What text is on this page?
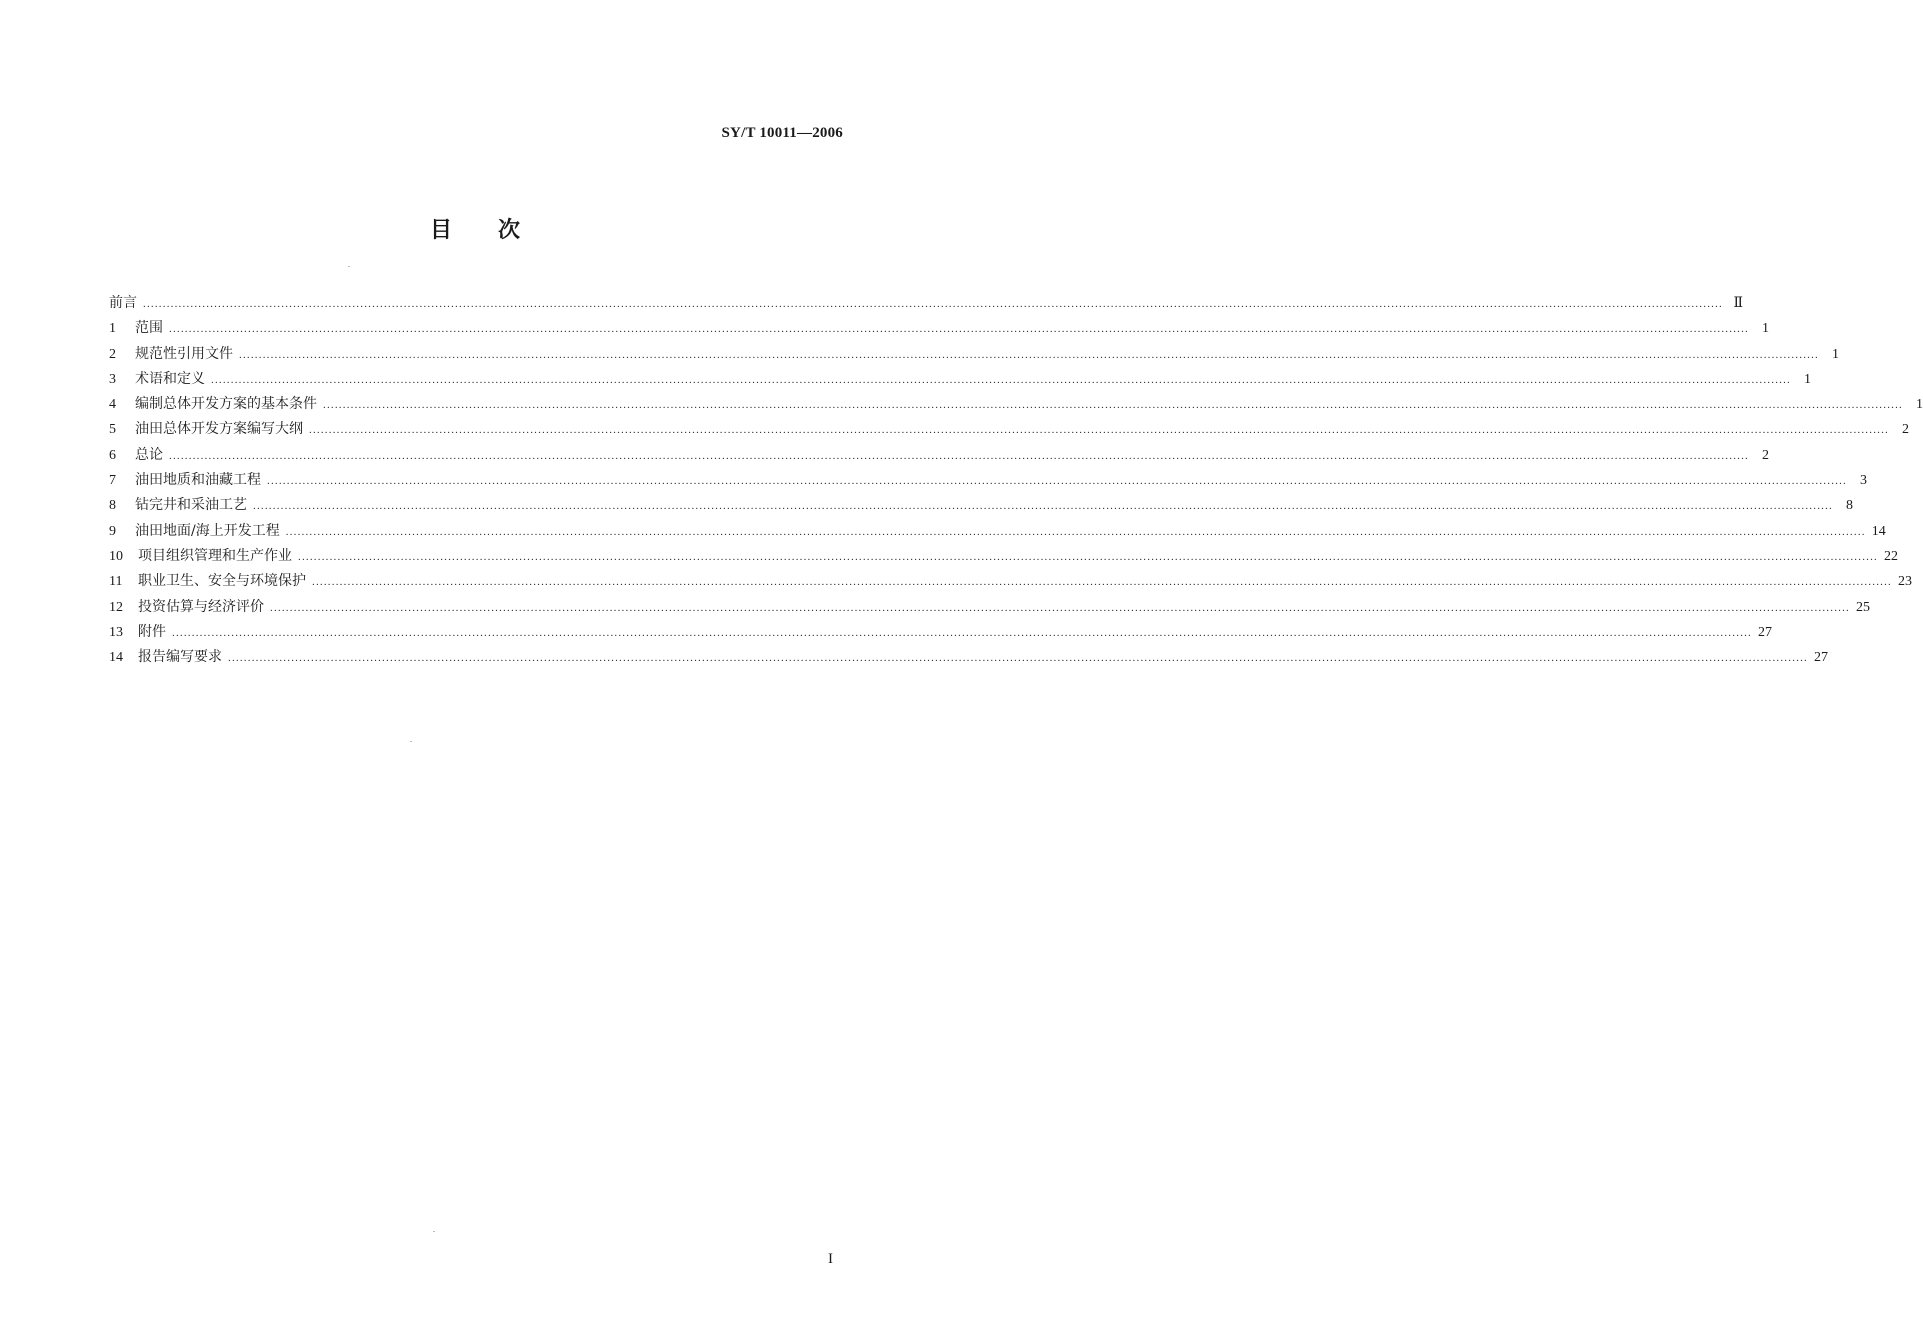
SY/T 10011—2006
目次
前言 ................................................................................................................................................................................................................................................................................................................................................................................................................ Ⅱ
1	范围 ................................................................................................................................................................................................................................................................................................................................................................................................................ 1
2	规范性引用文件 ................................................................................................................................................................................................................................................................................................................................................................................................................ 1
3	术语和定义 ................................................................................................................................................................................................................................................................................................................................................................................................................ 1
4	编制总体开发方案的基本条件 ................................................................................................................................................................................................................................................................................................................................................................................................................ 1
5	油田总体开发方案编写大纲 ................................................................................................................................................................................................................................................................................................................................................................................................................ 2
6	总论 ................................................................................................................................................................................................................................................................................................................................................................................................................ 2
7	油田地质和油藏工程 ................................................................................................................................................................................................................................................................................................................................................................................................................ 3
8	钻完井和采油工艺 ................................................................................................................................................................................................................................................................................................................................................................................................................ 8
9	油田地面/海上开发工程 ................................................................................................................................................................................................................................................................................................................................................................................................................ 14
10	项目组织管理和生产作业 ................................................................................................................................................................................................................................................................................................................................................................................................................ 22
11	职业卫生、安全与环境保护 ................................................................................................................................................................................................................................................................................................................................................................................................................ 23
12	投资估算与经济评价 ................................................................................................................................................................................................................................................................................................................................................................................................................ 25
13	附件 ................................................................................................................................................................................................................................................................................................................................................................................................................ 27
14	报告编写要求 ................................................................................................................................................................................................................................................................................................................................................................................................................ 27
I
